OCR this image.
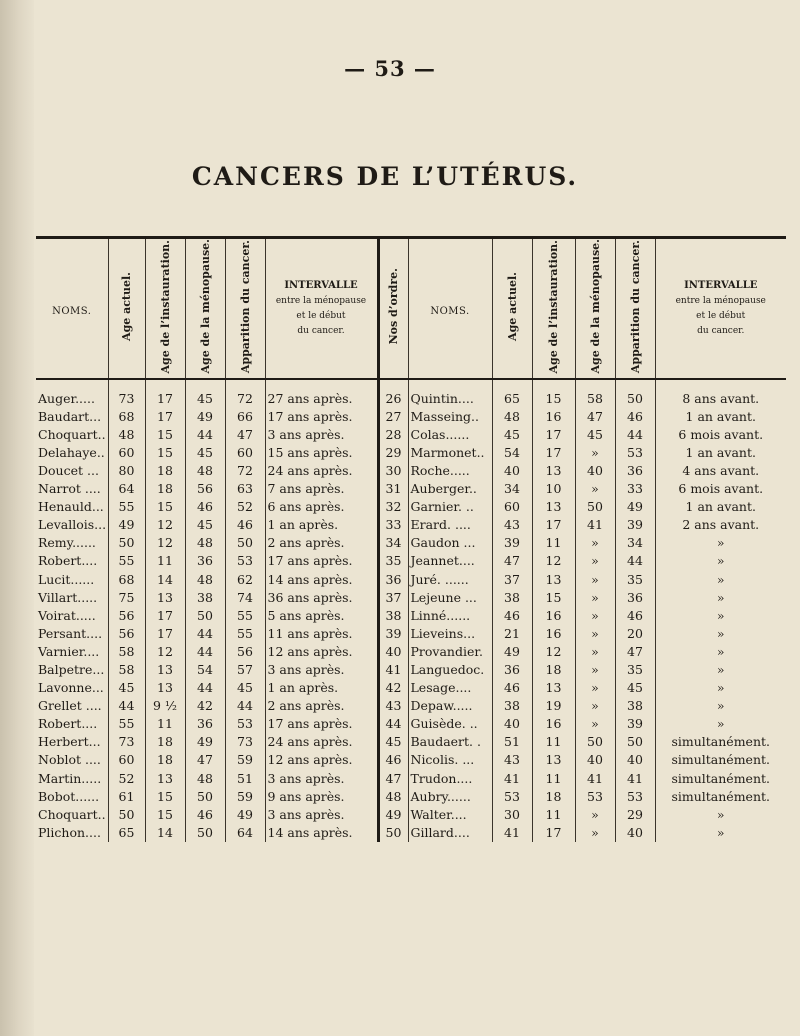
— 53 —
CANCERS DE L’UTÉRUS.
NOMS.	Age actuel.	Age de l’instauration.	Age de la ménopause.	Apparition du cancer.	INTERVALLE
entre la ménopause
et le début
du cancer.	Nos d’ordre.	NOMS.	Age actuel.	Age de l’instauration.	Age de la ménopause.	Apparition du cancer.	INTERVALLE
entre la ménopause
et le début
du cancer.
Auger.....	73	17	45	72	27 ans après.	26	Quintin....	65	15	58	50	8 ans avant.
Baudart...	68	17	49	66	17 ans après.	27	Masseing..	48	16	47	46	1 an avant.
Choquart..	48	15	44	47	3 ans après.	28	Colas......	45	17	45	44	6 mois avant.
Delahaye..	60	15	45	60	15 ans après.	29	Marmonet..	54	17	»	53	1 an avant.
Doucet ...	80	18	48	72	24 ans après.	30	Roche.....	40	13	40	36	4 ans avant.
Narrot ....	64	18	56	63	7 ans après.	31	Auberger..	34	10	»	33	6 mois avant.
Henauld...	55	15	46	52	6 ans après.	32	Garnier. ..	60	13	50	49	1 an avant.
Levallois...	49	12	45	46	1 an après.	33	Erard. ....	43	17	41	39	2 ans avant.
Remy......	50	12	48	50	2 ans après.	34	Gaudon ...	39	11	»	34	»
Robert....	55	11	36	53	17 ans après.	35	Jeannet....	47	12	»	44	»
Lucit......	68	14	48	62	14 ans après.	36	Juré. ......	37	13	»	35	»
Villart.....	75	13	38	74	36 ans après.	37	Lejeune ...	38	15	»	36	»
Voirat.....	56	17	50	55	5 ans après.	38	Linné......	46	16	»	46	»
Persant....	56	17	44	55	11 ans après.	39	Lieveins...	21	16	»	20	»
Varnier....	58	12	44	56	12 ans après.	40	Provandier.	49	12	»	47	»
Balpetre...	58	13	54	57	3 ans après.	41	Languedoc.	36	18	»	35	»
Lavonne...	45	13	44	45	1 an après.	42	Lesage....	46	13	»	45	»
Grellet ....	44	9 ½	42	44	2 ans après.	43	Depaw.....	38	19	»	38	»
Robert....	55	11	36	53	17 ans après.	44	Guisède. ..	40	16	»	39	»
Herbert...	73	18	49	73	24 ans après.	45	Baudaert. .	51	11	50	50	simultanément.
Noblot ....	60	18	47	59	12 ans après.	46	Nicolis. ...	43	13	40	40	simultanément.
Martin.....	52	13	48	51	3 ans après.	47	Trudon....	41	11	41	41	simultanément.
Bobot......	61	15	50	59	9 ans après.	48	Aubry......	53	18	53	53	simultanément.
Choquart..	50	15	46	49	3 ans après.	49	Walter....	30	11	»	29	»
Plichon....	65	14	50	64	14 ans après.	50	Gillard....	41	17	»	40	»
